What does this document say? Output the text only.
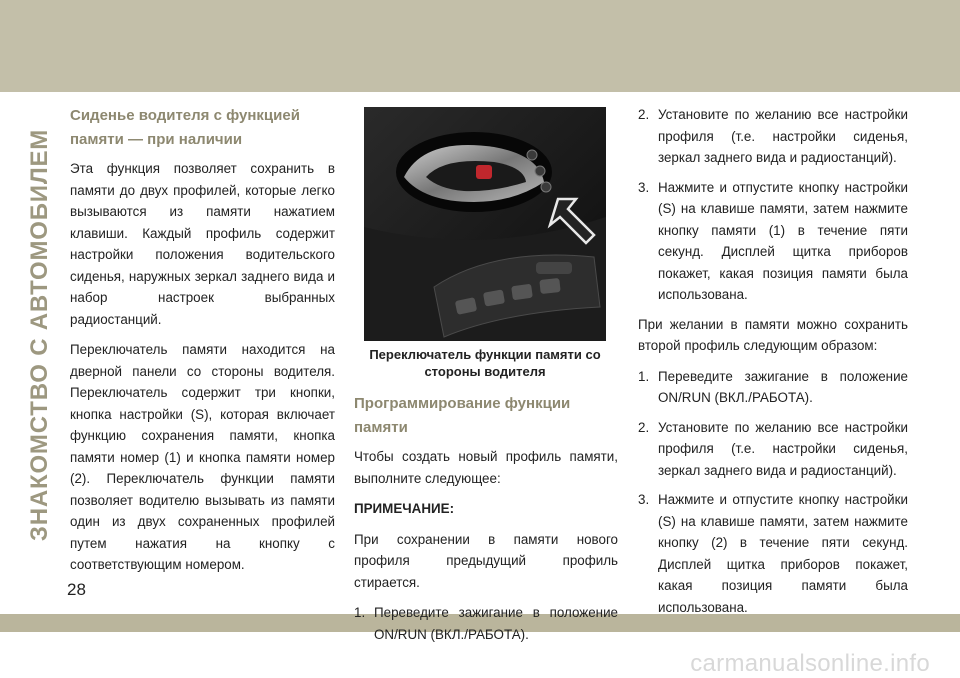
carmanualsonline.info
ЗНАКОМСТВО С АВТОМОБИЛЕМ
28
Сиденье водителя с функцией памяти — при наличии

Эта функция позволяет сохранить в памяти до двух профилей, которые легко вызываются из памяти нажатием клавиши. Каждый профиль содержит настройки положения водительского сиденья, наружных зеркал заднего вида и набор настроек выбранных радиостанций.

Переключатель памяти находится на дверной панели со стороны водителя. Переключатель содержит три кнопки, кнопка настройки (S), которая включает функцию сохранения памяти, кнопка памяти номер (1) и кнопка памяти номер (2). Переключатель функции памяти позволяет водителю вызывать из памяти один из двух сохраненных профилей путем нажатия на кнопку с соответствующим номером.

Переключатель функции памяти со стороны водителя
Программирование функции памяти

Чтобы создать новый профиль памяти, выполните следующее:

ПРИМЕЧАНИЕ:

При сохранении в памяти нового профиля предыдущий профиль стирается.

1. Переведите зажигание в положение ON/RUN (ВКЛ./РАБОТА).
2. Установите по желанию все настройки профиля (т.е. настройки сиденья, зеркал заднего вида и радиостанций).
3. Нажмите и отпустите кнопку настройки (S) на клавише памяти, затем нажмите кнопку памяти (1) в течение пяти секунд. Дисплей щитка приборов покажет, какая позиция памяти была использована.

При желании в памяти можно сохранить второй профиль следующим образом:

1. Переведите зажигание в положение ON/RUN (ВКЛ./РАБОТА).
2. Установите по желанию все настройки профиля (т.е. настройки сиденья, зеркал заднего вида и радиостанций).
3. Нажмите и отпустите кнопку настройки (S) на клавише памяти, затем нажмите кнопку (2) в течение пяти секунд. Дисплей щитка приборов покажет, какая позиция памяти была использована.
